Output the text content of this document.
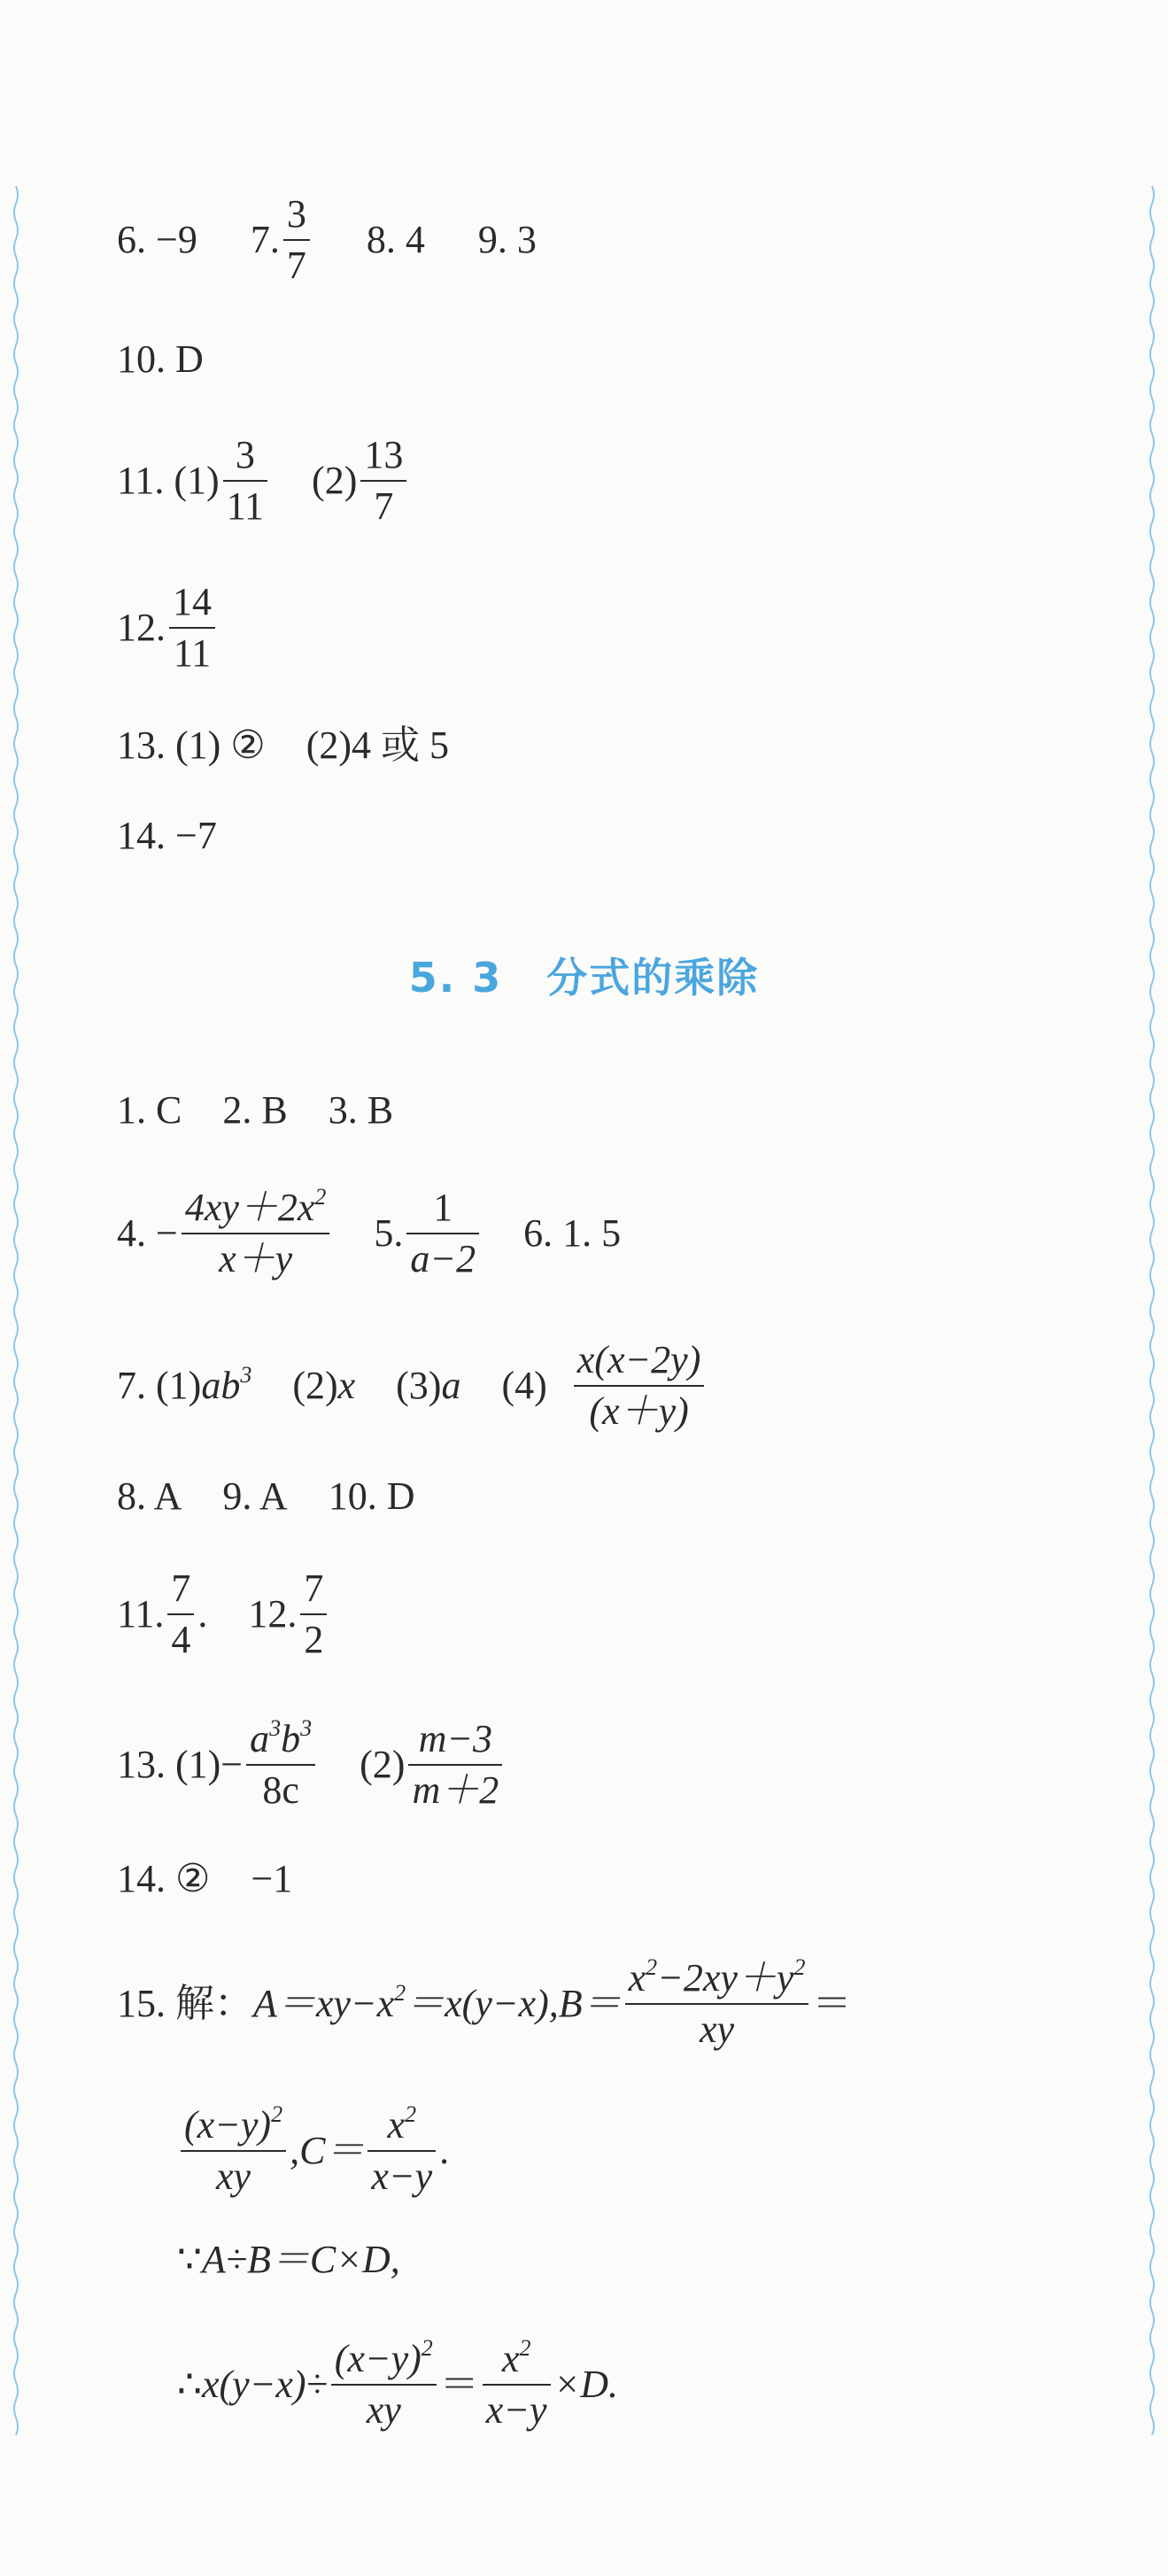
6. −9 7. $\frac{3}{7} 8$. 4 9. 3
10. D
11. $(1) \frac{3}{11} (2) \frac{13}{7}$
12. $\frac{14}{11}$
13. (1) ② (2)4 或 5
14. −7
5. 3 分式的乘除
1. C 2. B 3. B
4. − $\frac{4xy+2x^2}{x+y} 5$. $\frac{1}{a-2} 6$. 1. 5
7. (1) $ab^3$ (2) x (3) a $(4) \frac{x(x-2y)}{(x+y)}$
8. A 9. A 10. D
11. $\frac{7}{4}$ . 12. $\frac{7}{2}$
13. $(1)- \frac{a^3b^3}{8c} (2) \frac{m-3}{m+2}$
14. ② −1
15. 解： $A=xy-x^2=x(y-x),B= \frac{x^2-2xy+y^2}{xy}$ ＝
$\frac{(x-y)^2}{xy} ,C= \frac{x^2}{x-y}$ .
∵ A÷B＝C×D,
∴ $x(y-x)\div \frac{(x-y)^2}{xy} = \frac{x^2}{x-y} \times D$.
